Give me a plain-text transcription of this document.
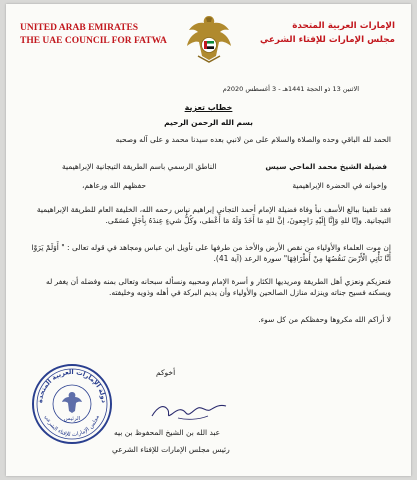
UNITED ARAB EMIRATES
THE UAE COUNCIL FOR FATWA
الإمارات العربية المتحدة
مجلس الإمارات للإفتاء الشرعي
الاثنين 13 ذو الحجة 1441هـ - 3 أغسطس 2020م
خطاب تعزية
بسم الله الرحمن الرحيم
الحمد لله الباقي وحده والصلاة والسلام على من لانبي بعده سيدنا محمد و على آله وصحبه
فضيلة الشيخ محمد الماحي سيس
الناطق الرسمي باسم الطريقة التيجانية الإبراهيمية
وإخوانه في الحضرة الإبراهيمية
حفظهم الله ورعاهم،
فقد تلقينا ببالغ الأسف نبأ وفاة فضيلة الإمام أحمد التجاني إبراهيم نياس رحمه الله، الخليفة العام للطريقة الإبراهيمية التيجانية. وإنّا للهِ وَإِنَّا إِلَيْهِ رَاجِعونَ، إنَّ للهِ مَا أَخَذَ وَلَهُ مَا أَعْطى، وكُلُّ شيءٍ عِندَهُ بِأجَلٍ مُسَمّى.
إن موت العلماء والأولياء من نقص الأرض والأخذ من طرفها على تأويل ابن عباس ومجاهد في قوله تعالى : " أَوَلَمْ يَرَوْا أَنَّا نَأْتِي الْأَرْضَ نَنقُصُهَا مِنْ أَطْرَافِهَا" سورة الرعد (آية 41).
فنعزيكم ونعزي أهل الطريقة ومريديها الكثار و أسرة الإمام ومحبيه ونسأله سبحانه وتعالى بمنه وفضله أن يغفر له ويسكنه فسيح جناته وينزله منازل الصالحين والأولياء وأن يديم البركة في أهله وذويه وخليفته.
لا أراكم الله مكروها وحفظكم من كل سوء.
أخوكم
عبد الله بن الشيخ المحفوظ بن بيه
رئيس مجلس الإمارات للإفتاء الشرعي
دولة الإمارات العربية المتحدة
مجلس الإمارات للإفتاء الشرعي
الرئيس
